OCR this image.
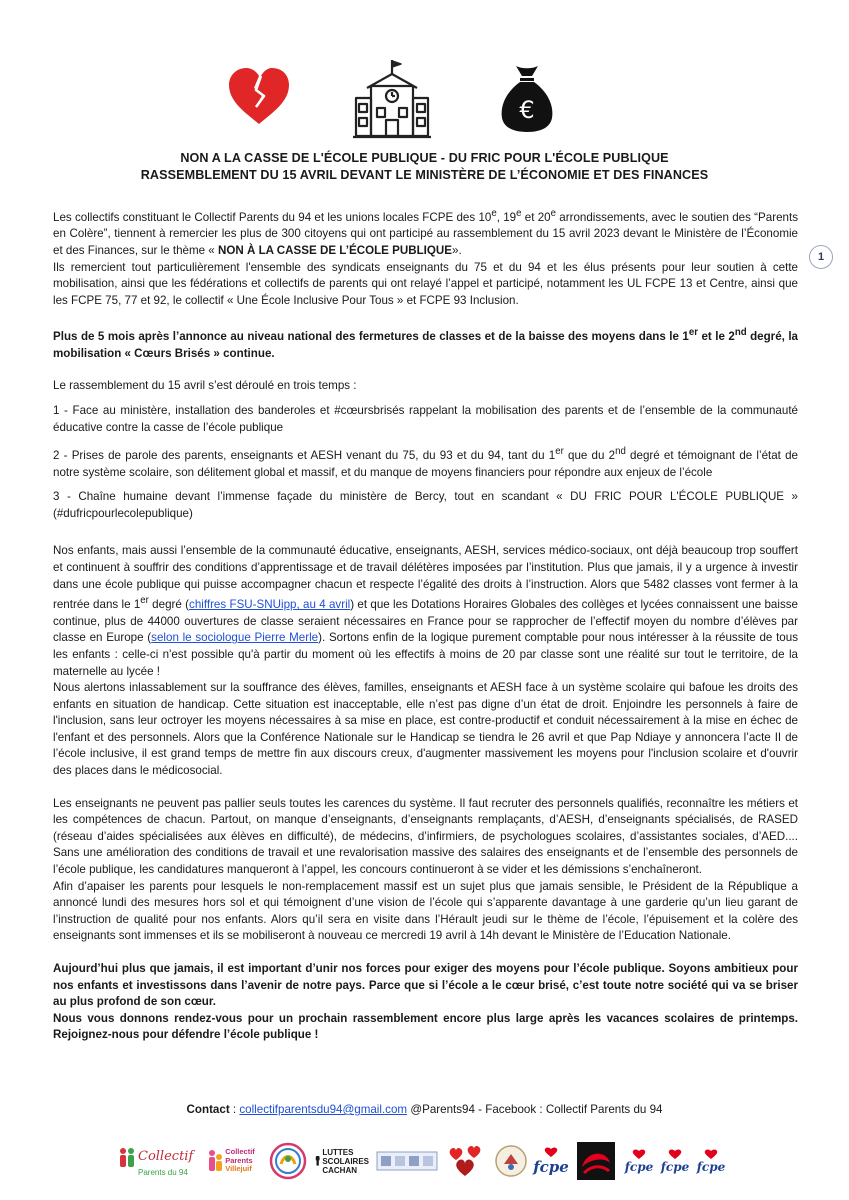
€
NON A LA CASSE DE L'ÉCOLE PUBLIQUE - DU FRIC POUR L'ÉCOLE PUBLIQUE
RASSEMBLEMENT DU 15 AVRIL DEVANT LE MINISTÈRE DE L’ÉCONOMIE ET DES FINANCES
1

Les collectifs constituant le Collectif Parents du 94 et les unions locales FCPE des 10e, 19e et 20e arrondissements, avec le soutien des “Parents en Colère”, tiennent à remercier les plus de 300 citoyens qui ont participé au rassemblement du 15 avril 2023 devant le Ministère de l’Économie et des Finances, sur le thème « NON À LA CASSE DE L’ÉCOLE PUBLIQUE».

Ils remercient tout particulièrement l'ensemble des syndicats enseignants du 75 et du 94 et les élus présents pour leur soutien à cette mobilisation, ainsi que les fédérations et collectifs de parents qui ont relayé l’appel et participé, notamment les UL FCPE 13 et Centre, ainsi que les FCPE 75, 77 et 92, le collectif « Une École Inclusive Pour Tous » et FCPE 93 Inclusion.

Plus de 5 mois après l’annonce au niveau national des fermetures de classes et de la baisse des moyens dans le 1er et le 2nd degré, la mobilisation « Cœurs Brisés » continue.

Le rassemblement du 15 avril s’est déroulé en trois temps :

1 - Face au ministère, installation des banderoles et #cœursbrisés rappelant la mobilisation des parents et de l’ensemble de la communauté éducative contre la casse de l’école publique

2 - Prises de parole des parents, enseignants et AESH venant du 75, du 93 et du 94, tant du 1er que du 2nd degré et témoignant de l’état de notre système scolaire, son délitement global et massif, et du manque de moyens financiers pour répondre aux enjeux de l’école

3 - Chaîne humaine devant l’immense façade du ministère de Bercy, tout en scandant « DU FRIC POUR L'ÉCOLE PUBLIQUE » (#dufricpourlecolepublique)

Nos enfants, mais aussi l’ensemble de la communauté éducative, enseignants, AESH, services médico-sociaux, ont déjà beaucoup trop souffert et continuent à souffrir des conditions d’apprentissage et de travail délétères imposées par l’institution. Plus que jamais, il y a urgence à investir dans une école publique qui puisse accompagner chacun et respecte l’égalité des droits à l’instruction. Alors que 5482 classes vont fermer à la rentrée dans le 1er degré (chiffres FSU-SNUipp, au 4 avril) et que les Dotations Horaires Globales des collèges et lycées connaissent une baisse continue, plus de 44000 ouvertures de classe seraient nécessaires en France pour se rapprocher de l’effectif moyen du nombre d’élèves par classe en Europe (selon le sociologue Pierre Merle). Sortons enfin de la logique purement comptable pour nous intéresser à la réussite de tous les enfants : celle-ci n'est possible qu'à partir du moment où les effectifs à moins de 20 par classe sont une réalité sur tout le territoire, de la maternelle au lycée !

Nous alertons inlassablement sur la souffrance des élèves, familles, enseignants et AESH face à un système scolaire qui bafoue les droits des enfants en situation de handicap. Cette situation est inacceptable, elle n’est pas digne d’un état de droit. Enjoindre les personnels à faire de l'inclusion, sans leur octroyer les moyens nécessaires à sa mise en place, est contre-productif et conduit nécessairement à la mise en échec de l'enfant et des personnels. Alors que la Conférence Nationale sur le Handicap se tiendra le 26 avril et que Pap Ndiaye y annoncera l’acte II de l’école inclusive, il est grand temps de mettre fin aux discours creux, d'augmenter massivement les moyens pour l'inclusion scolaire et d'ouvrir des places dans le médicosocial.

Les enseignants ne peuvent pas pallier seuls toutes les carences du système. Il faut recruter des personnels qualifiés, reconnaître les métiers et les compétences de chacun. Partout, on manque d’enseignants, d’enseignants remplaçants, d’AESH, d’enseignants spécialisés, de RASED (réseau d’aides spécialisées aux élèves en difficulté), de médecins, d’infirmiers, de psychologues scolaires, d’assistantes sociales, d’AED.... Sans une amélioration des conditions de travail et une revalorisation massive des salaires des enseignants et de l’ensemble des personnels de l’école publique, les candidatures manqueront à l’appel, les concours continueront à se vider et les démissions s’enchaîneront.

Afin d’apaiser les parents pour lesquels le non-remplacement massif est un sujet plus que jamais sensible, le Président de la République a annoncé lundi des mesures hors sol et qui témoignent d’une vision de l’école qui s’apparente davantage à une garderie qu’un lieu garant de l’instruction de qualité pour nos enfants. Alors qu’il sera en visite dans l’Hérault jeudi sur le thème de l’école, l’épuisement et la colère des enseignants sont immenses et ils se mobiliseront à nouveau ce mercredi 19 avril à 14h devant le Ministère de l’Education Nationale.

Aujourd’hui plus que jamais, il est important d’unir nos forces pour exiger des moyens pour l’école publique. Soyons ambitieux pour nos enfants et investissons dans l’avenir de notre pays. Parce que si l’école a le cœur brisé, c’est toute notre société qui va se briser au plus profond de son cœur.

Nous vous donnons rendez-vous pour un prochain rassemblement encore plus large après les vacances scolaires de printemps. Rejoignez-nous pour défendre l’école publique !

Contact : collectifparentsdu94@gmail.com @Parents94 - Facebook : Collectif Parents du 94
Collectif
Parents du 94
Collectif
Parents
Villejuif
LUTTES
SCOLAIRES
CACHAN	fcpe	fcpe fcpe fcpe
